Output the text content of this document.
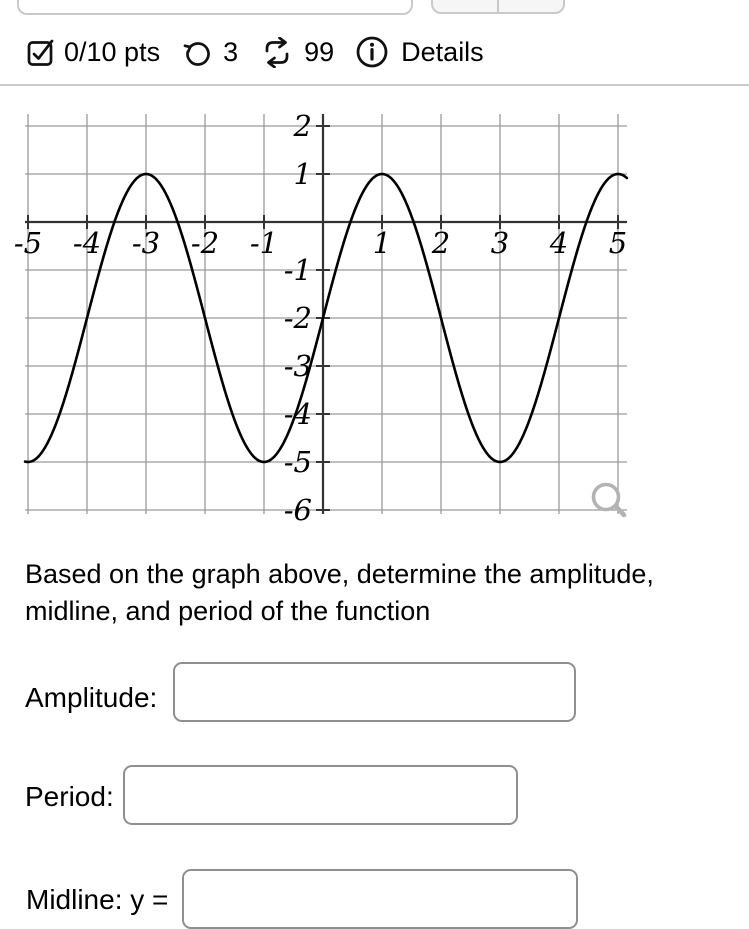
0/10 pts 3 99 Details
-5 -4 -3 -2 -1	1 2 3 4 5
2
1
-1
-2
-3
-4
-5
-6
Based on the graph above, determine the amplitude,
midline, and period of the function
Amplitude:
Period:
Midline: y =
